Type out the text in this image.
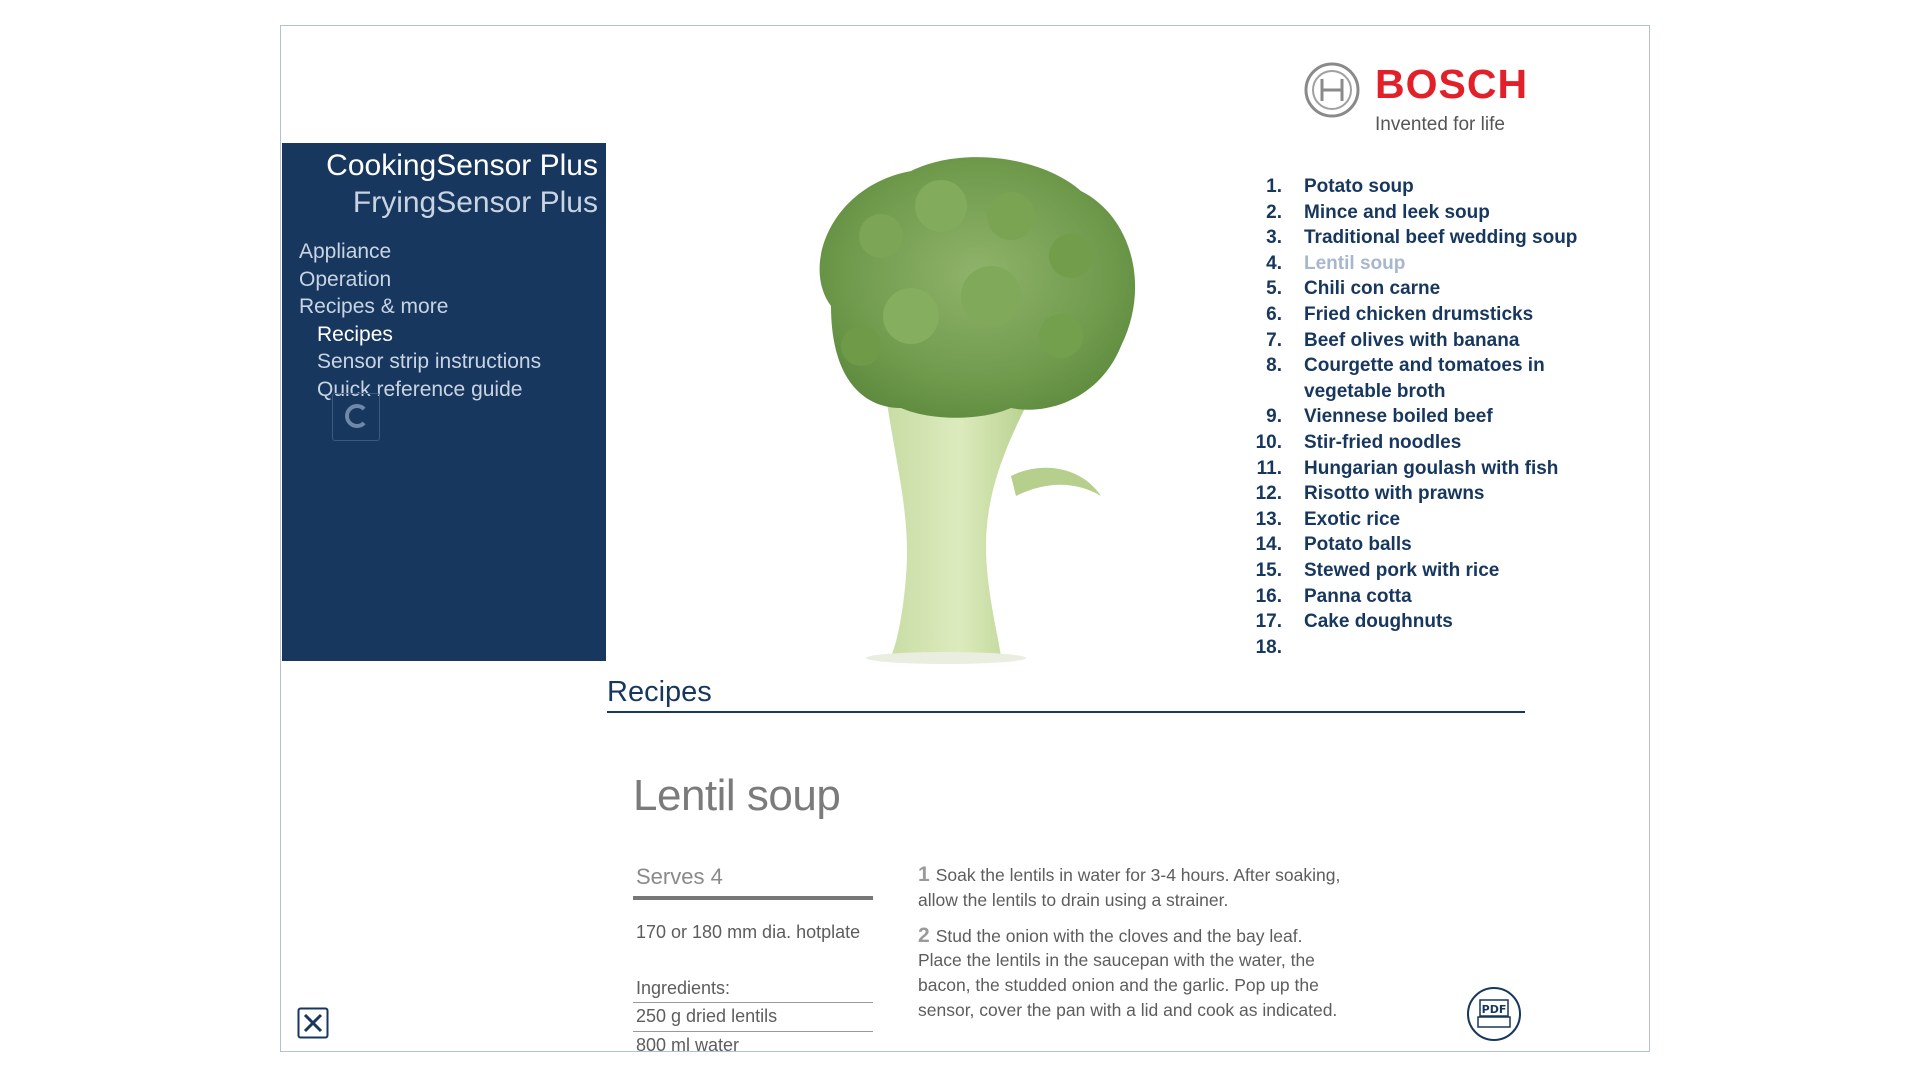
CookingSensor Plus
FryingSensor Plus
Appliance
Operation
Recipes & more
Recipes
Sensor strip instructions
Quick reference guide
BOSCH
Invented for life
1.	Potato soup
2.	Mince and leek soup
3.	Traditional beef wedding soup
4.	Lentil soup
5.	Chili con carne
6.	Fried chicken drumsticks
7.	Beef olives with banana
8.	Courgette and tomatoes in vegetable broth
9.	Viennese boiled beef
10.	Stir-fried noodles
11.	Hungarian goulash with fish
12.	Risotto with prawns
13.	Exotic rice
14.	Potato balls
15.	Stewed pork with rice
16.	Panna cotta
17.	Cake doughnuts
18.
Recipes
Lentil soup
Serves 4
170 or 180 mm dia. hotplate
Ingredients:
250 g dried lentils
800 ml water
1 Soak the lentils in water for 3-4 hours. After soaking, allow the lentils to drain using a strainer.
2 Stud the onion with the cloves and the bay leaf. Place the lentils in the saucepan with the water, the bacon, the studded onion and the garlic. Pop up the sensor, cover the pan with a lid and cook as indicated.	PDF
